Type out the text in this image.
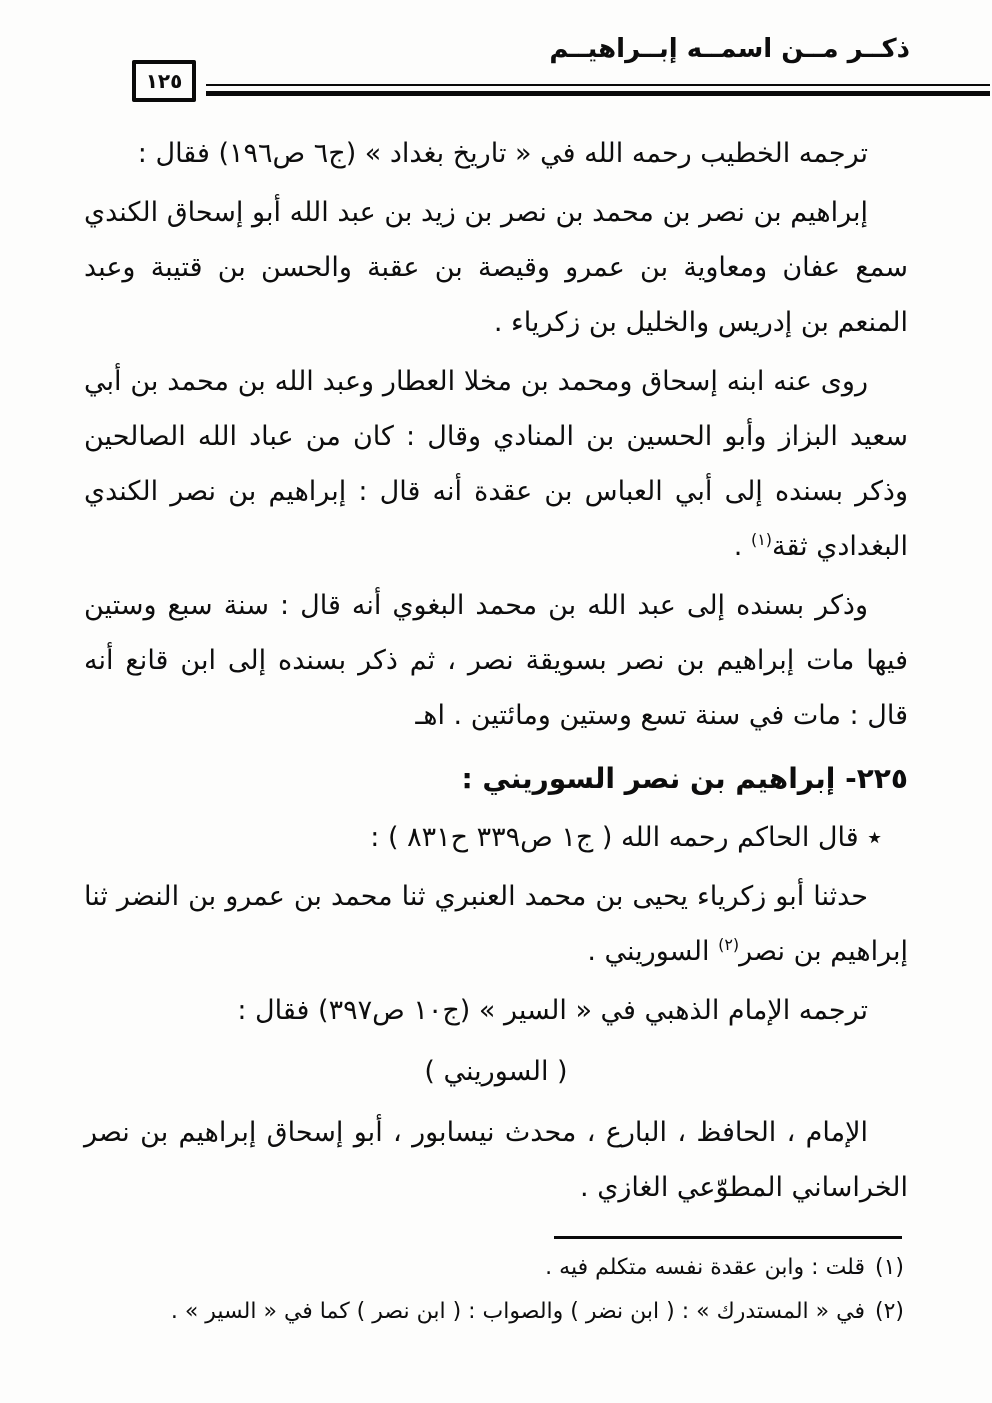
ذكــر مــن اسمــه إبــراهيــم
١٢٥

ترجمه الخطيب رحمه الله في « تاريخ بغداد » (ج٦ ص١٩٦) فقال :

إبراهيم بن نصر بن محمد بن نصر بن زيد بن عبد الله أبو إسحاق الكندي سمع عفان ومعاوية بن عمرو وقيصة بن عقبة والحسن بن قتيبة وعبد المنعم بن إدريس والخليل بن زكرياء .

روى عنه ابنه إسحاق ومحمد بن مخلا العطار وعبد الله بن محمد بن أبي سعيد البزاز وأبو الحسين بن المنادي وقال : كان من عباد الله الصالحين وذكر بسنده إلى أبي العباس بن عقدة أنه قال : إبراهيم بن نصر الكندي البغدادي ثقة$^{(١)}$ .

وذكر بسنده إلى عبد الله بن محمد البغوي أنه قال : سنة سبع وستين فيها مات إبراهيم بن نصر بسويقة نصر ، ثم ذكر بسنده إلى ابن قانع أنه قال : مات في سنة تسع وستين ومائتين . اهـ

٢٢٥- إبراهيم بن نصر السوريني :

٭ قال الحاكم رحمه الله ( ج١ ص٣٣٩ ح٨٣١ ) :

حدثنا أبو زكرياء يحيى بن محمد العنبري ثنا محمد بن عمرو بن النضر ثنا إبراهيم بن نصر$^{(٢)}$ السوريني .

ترجمه الإمام الذهبي في « السير » (ج١٠ ص٣٩٧) فقال :

( السوريني )

الإمام ، الحافظ ، البارع ، محدث نيسابور ، أبو إسحاق إبراهيم بن نصر الخراساني المطوّعي الغازي .

(١)قلت : وابن عقدة نفسه متكلم فيه .

(٢)في « المستدرك » : ( ابن نضر ) والصواب : ( ابن نصر ) كما في « السير » .
